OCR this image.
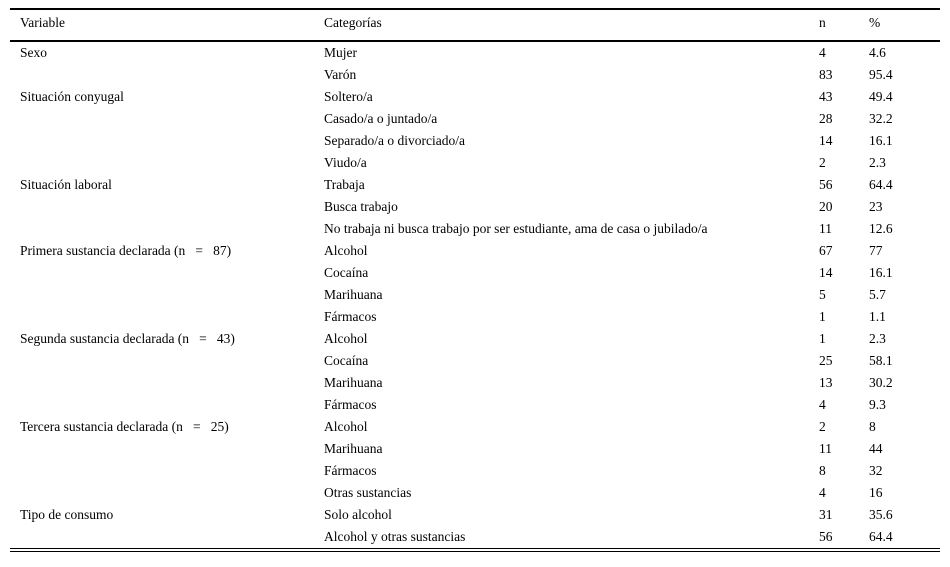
Variable	Categorías	n	%
Sexo	Mujer	4	4.6
	Varón	83	95.4
Situación conyugal	Soltero/a	43	49.4
	Casado/a o juntado/a	28	32.2
	Separado/a o divorciado/a	14	16.1
	Viudo/a	2	2.3
Situación laboral	Trabaja	56	64.4
	Busca trabajo	20	23
	No trabaja ni busca trabajo por ser estudiante, ama de casa o jubilado/a	11	12.6
Primera sustancia declarada (n   =   87)	Alcohol	67	77
	Cocaína	14	16.1
	Marihuana	5	5.7
	Fármacos	1	1.1
Segunda sustancia declarada (n   =   43)	Alcohol	1	2.3
	Cocaína	25	58.1
	Marihuana	13	30.2
	Fármacos	4	9.3
Tercera sustancia declarada (n   =   25)	Alcohol	2	8
	Marihuana	11	44
	Fármacos	8	32
	Otras sustancias	4	16
Tipo de consumo	Solo alcohol	31	35.6
	Alcohol y otras sustancias	56	64.4
